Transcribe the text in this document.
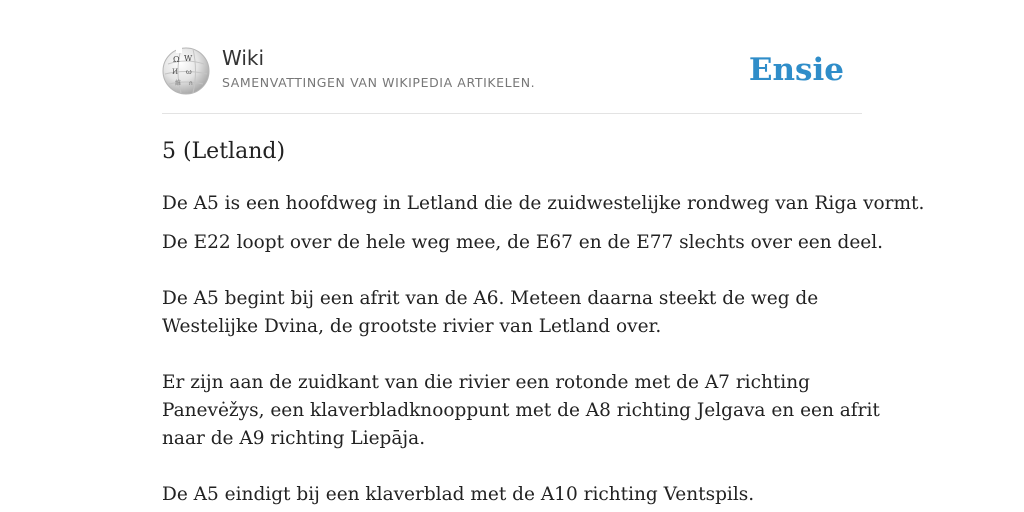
Ω W
И ω
維 ก
Wiki
SAMENVATTINGEN VAN WIKIPEDIA ARTIKELEN.	Ensie
5 (Letland)

De A5 is een hoofdweg in Letland die de zuidwestelijke rondweg van Riga vormt.

De E22 loopt over de hele weg mee, de E67 en de E77 slechts over een deel.

De A5 begint bij een afrit van de A6. Meteen daarna steekt de weg de Westelijke Dvina, de grootste rivier van Letland over.

Er zijn aan de zuidkant van die rivier een rotonde met de A7 richting Panevėžys, een klaverbladknooppunt met de A8 richting Jelgava en een afrit naar de A9 richting Liepāja.

De A5 eindigt bij een klaverblad met de A10 richting Ventspils.
